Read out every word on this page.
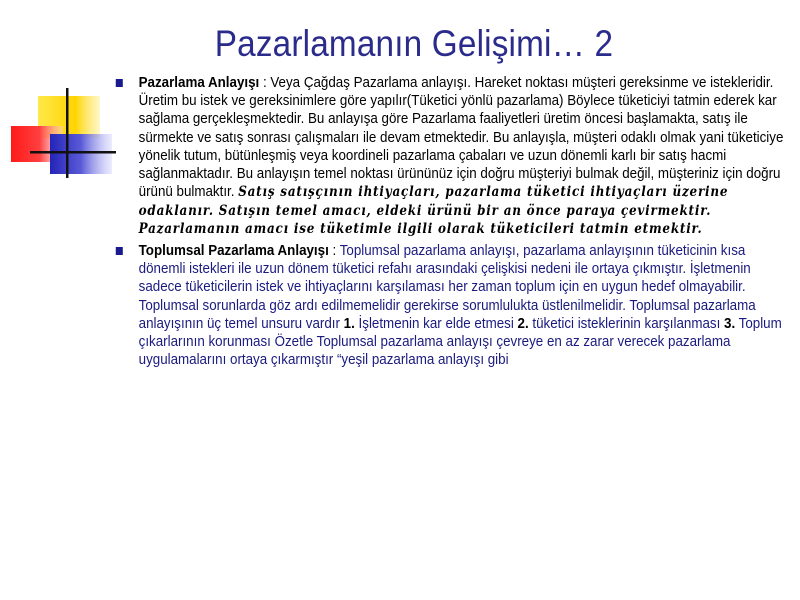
Pazarlamanın Gelişimi… 2
Pazarlama Anlayışı : Veya Çağdaş Pazarlama anlayışı. Hareket noktası müşteri gereksinme ve istekleridir. Üretim bu istek ve gereksinimlere göre yapılır(Tüketici yönlü pazarlama) Böylece tüketiciyi tatmin ederek kar sağlama gerçekleşmektedir. Bu anlayışa göre Pazarlama faaliyetleri üretim öncesi başlamakta, satış ile sürmekte ve satış sonrası çalışmaları ile devam etmektedir. Bu anlayışla, müşteri odaklı olmak yani tüketiciye yönelik tutum, bütünleşmiş veya koordineli pazarlama çabaları ve uzun dönemli karlı bir satış hacmi sağlanmaktadır. Bu anlayışın temel noktası ürününüz için doğru müşteriyi bulmak değil, müşteriniz için doğru ürünü bulmaktır. Satış satışçının ihtiyaçları, pazarlama tüketici ihtiyaçları üzerine odaklanır. Satışın temel amacı, eldeki ürünü bir an önce paraya çevirmektir. Pazarlamanın amacı ise tüketimle ilgili olarak tüketicileri tatmin etmektir.
Toplumsal Pazarlama Anlayışı : Toplumsal pazarlama anlayışı, pazarlama anlayışının tüketicinin kısa dönemli istekleri ile uzun dönem tüketici refahı arasındaki çelişkisi nedeni ile ortaya çıkmıştır. İşletmenin sadece tüketicilerin istek ve ihtiyaçlarını karşılaması her zaman toplum için en uygun hedef olmayabilir. Toplumsal sorunlarda göz ardı edilmemelidir gerekirse sorumlulukta üstlenilmelidir. Toplumsal pazarlama anlayışının üç temel unsuru vardır 1. İşletmenin kar elde etmesi 2. tüketici isteklerinin karşılanması 3. Toplum çıkarlarının korunması Özetle Toplumsal pazarlama anlayışı çevreye en az zarar verecek pazarlama uygulamalarını ortaya çıkarmıştır “yeşil pazarlama anlayışı gibi
